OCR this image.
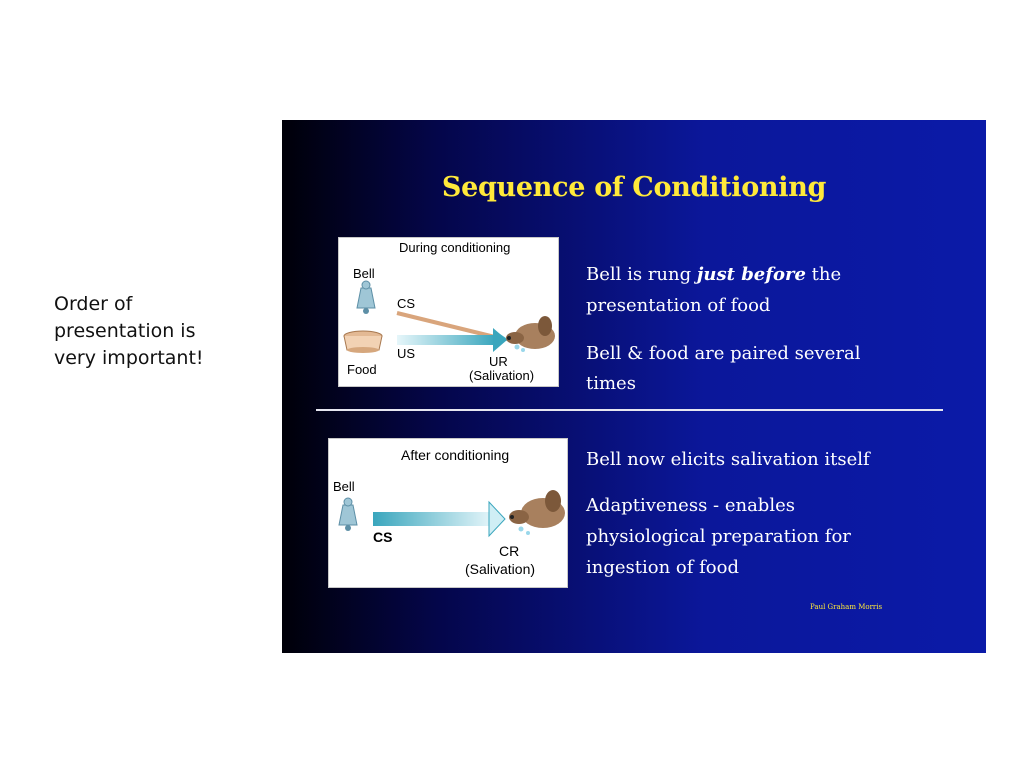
Order of
presentation is
very important!
Sequence of Conditioning
During conditioning
Bell
CS
Food
US
UR
(Salivation)
Bell is rung just before the
presentation of food
Bell & food are paired several
times
After conditioning
Bell
CS
CR
(Salivation)
Bell now elicits salivation itself
Adaptiveness - enables
physiological preparation for
ingestion of food
Paul Graham Morris
